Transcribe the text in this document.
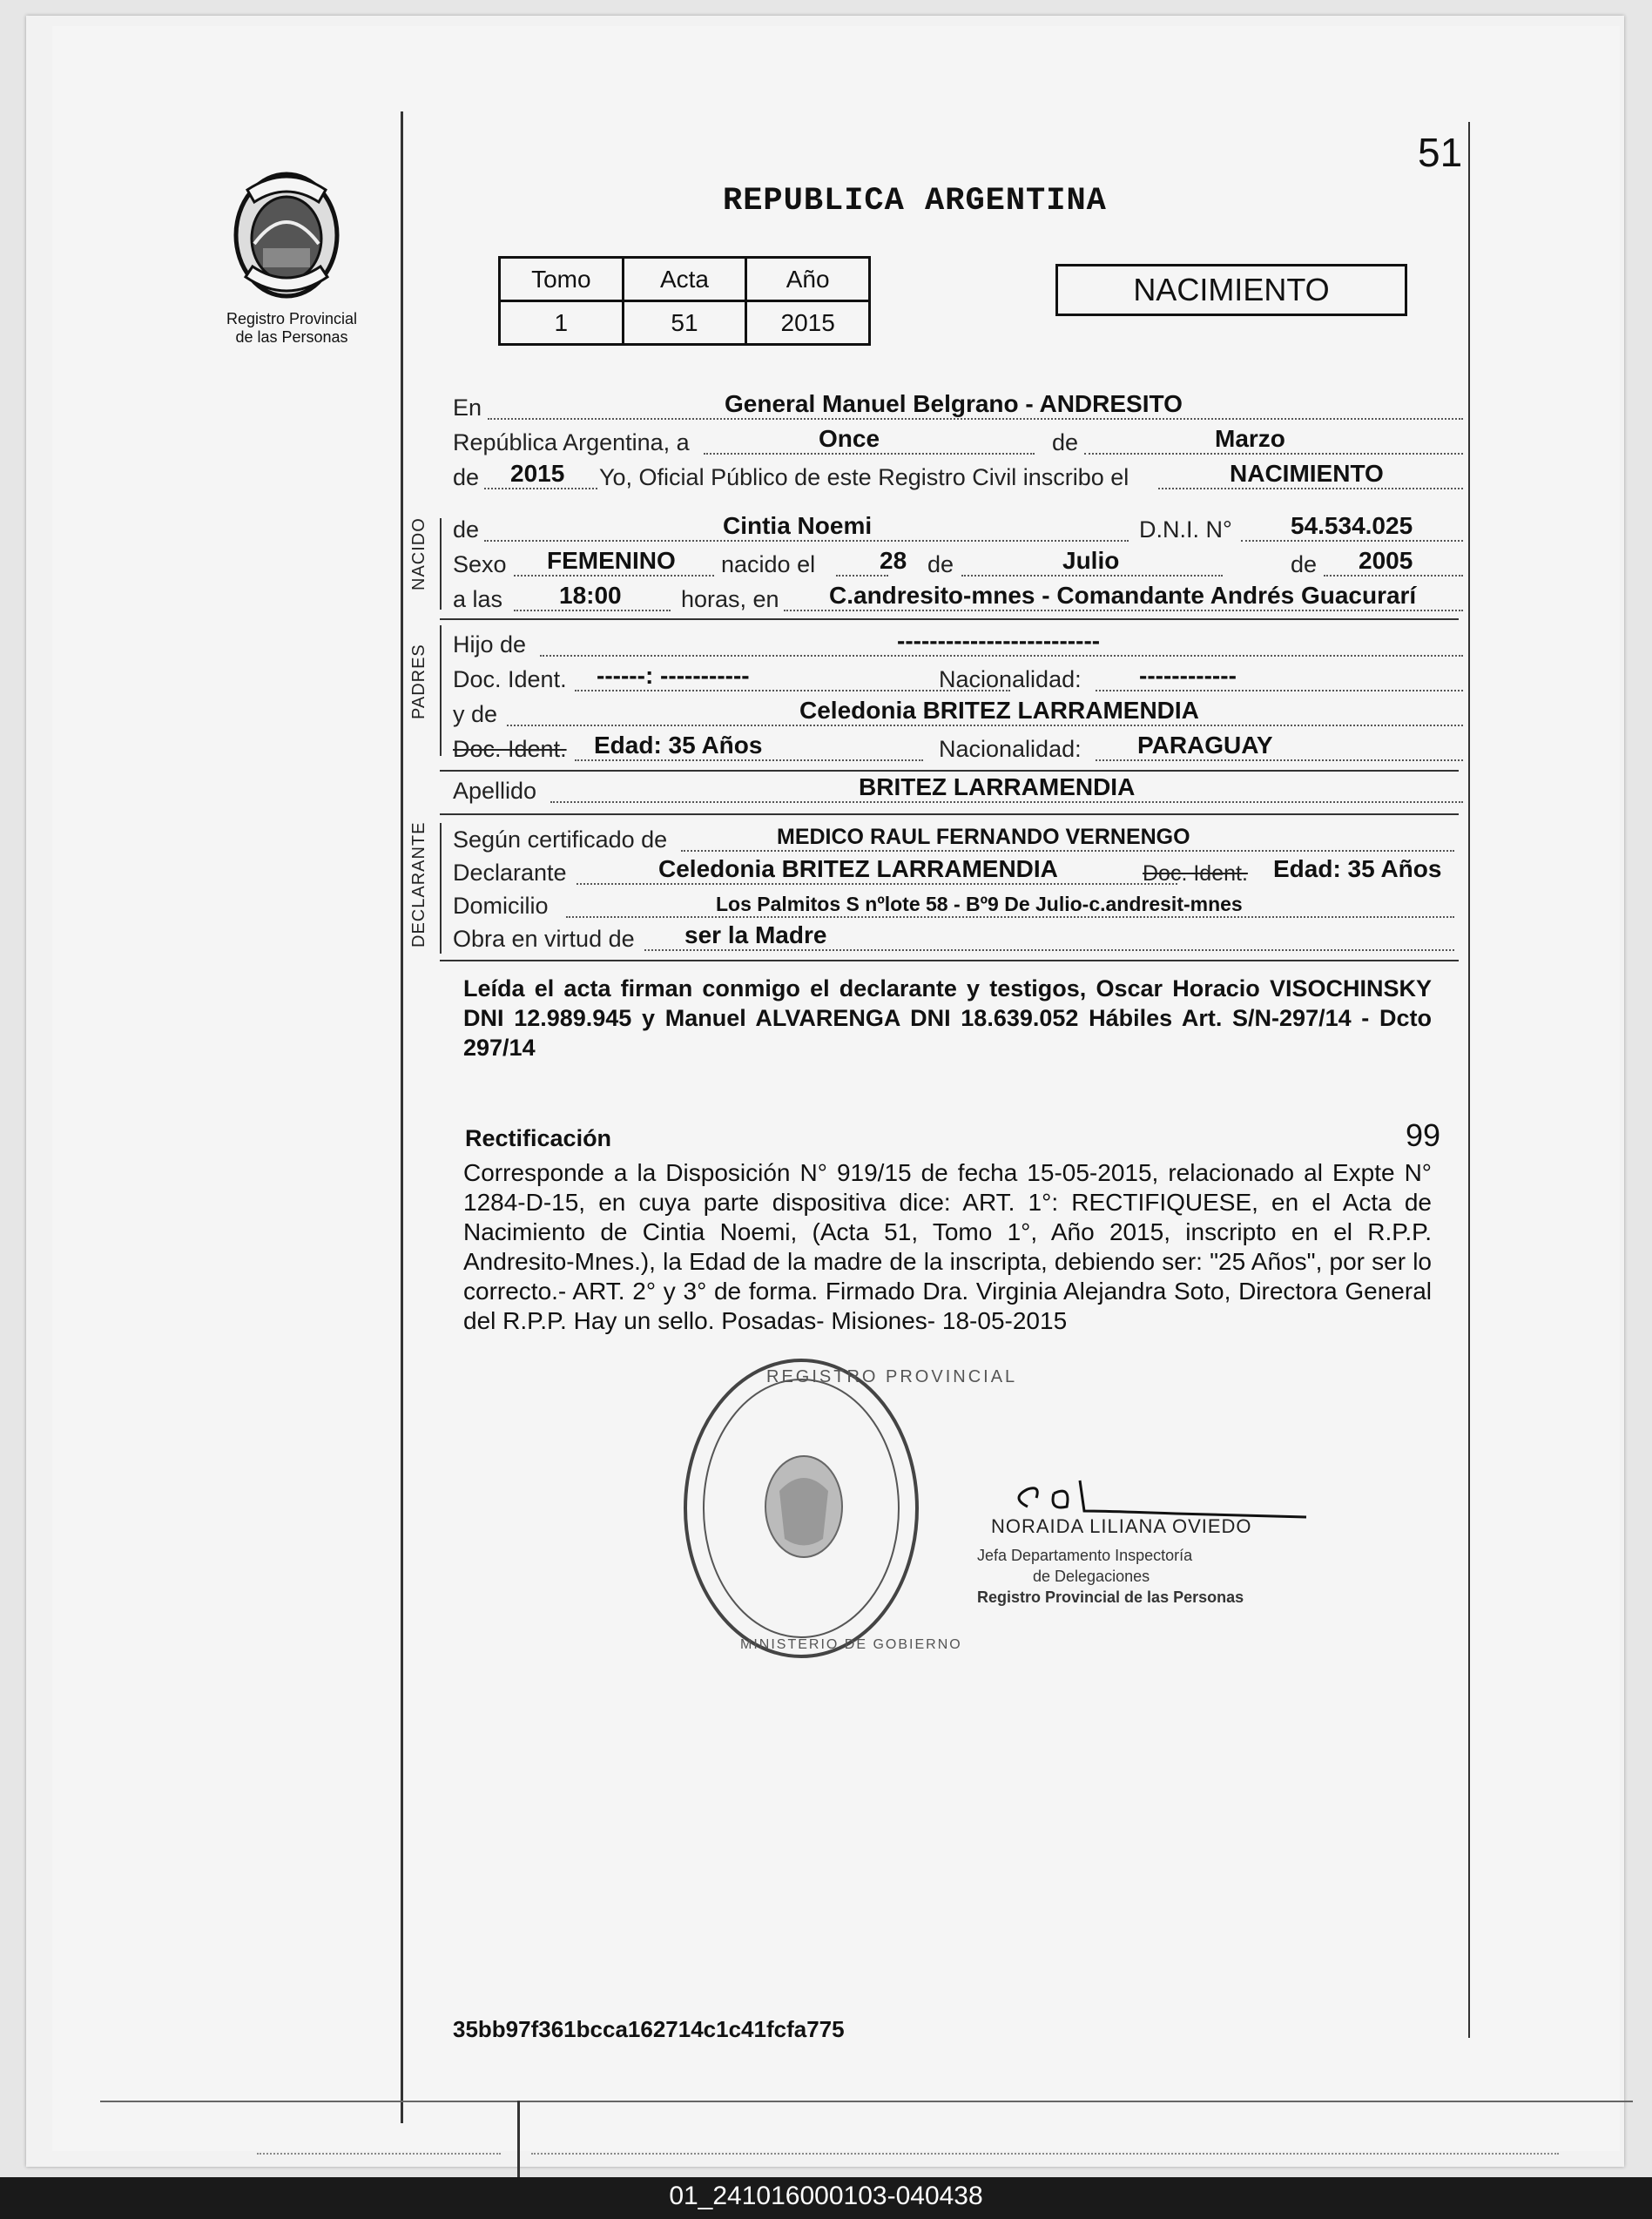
Registro Provincial
de las Personas
51
REPUBLICA ARGENTINA
Tomo	Acta	Año
1	51	2015
NACIMIENTO
En	General Manuel Belgrano - ANDRESITO
República Argentina, a	Once	de	Marzo
de 2015 Yo, Oficial Público de este Registro Civil inscribo el	NACIMIENTO
NACIDO de	Cintia Noemi	D.N.I. N° 54.534.025
Sexo FEMENINO nacido el	28 de	Julio	de 2005
a las 18:00	horas, en C.andresito-mnes - Comandante Andrés Guacurarí
PADRES Hijo de	-------------------------
Doc. Ident. ------: -----------	Nacionalidad: ------------
y de	Celedonia BRITEZ LARRAMENDIA
Doc. Ident. Edad: 35 Años	Nacionalidad: PARAGUAY
Apellido	BRITEZ LARRAMENDIA
DECLARANTE Según certificado de	MEDICO RAUL FERNANDO VERNENGO
Declarante	Celedonia BRITEZ LARRAMENDIA	Doc. Ident. Edad: 35 Años
Domicilio	Los Palmitos S nºlote 58 - Bº9 De Julio-c.andresit-mnes
Obra en virtud de ser la Madre
Leída el acta firman conmigo el declarante y testigos, Oscar Horacio VISOCHINSKY DNI 12.989.945 y Manuel ALVARENGA DNI 18.639.052 Hábiles Art. S/N-297/14 - Dcto 297/14
Rectificación	99
Corresponde a la Disposición N° 919/15 de fecha 15-05-2015, relacionado al Expte N° 1284-D-15, en cuya parte dispositiva dice: ART. 1°: RECTIFIQUESE, en el Acta de Nacimiento de Cintia Noemi, (Acta 51, Tomo 1°, Año 2015, inscripto en el R.P.P. Andresito-Mnes.), la Edad de la madre de la inscripta, debiendo ser: "25 Años", por ser lo correcto.- ART. 2° y 3° de forma. Firmado Dra. Virginia Alejandra Soto, Directora General del R.P.P. Hay un sello. Posadas- Misiones- 18-05-2015
REGISTRO PROVINCIAL
MINISTERIO DE GOBIERNO
NORAIDA LILIANA OVIEDO
Jefa Departamento Inspectoría
de Delegaciones
Registro Provincial de las Personas
35bb97f361bcca162714c1c41fcfa775
01_241016000103-040438
